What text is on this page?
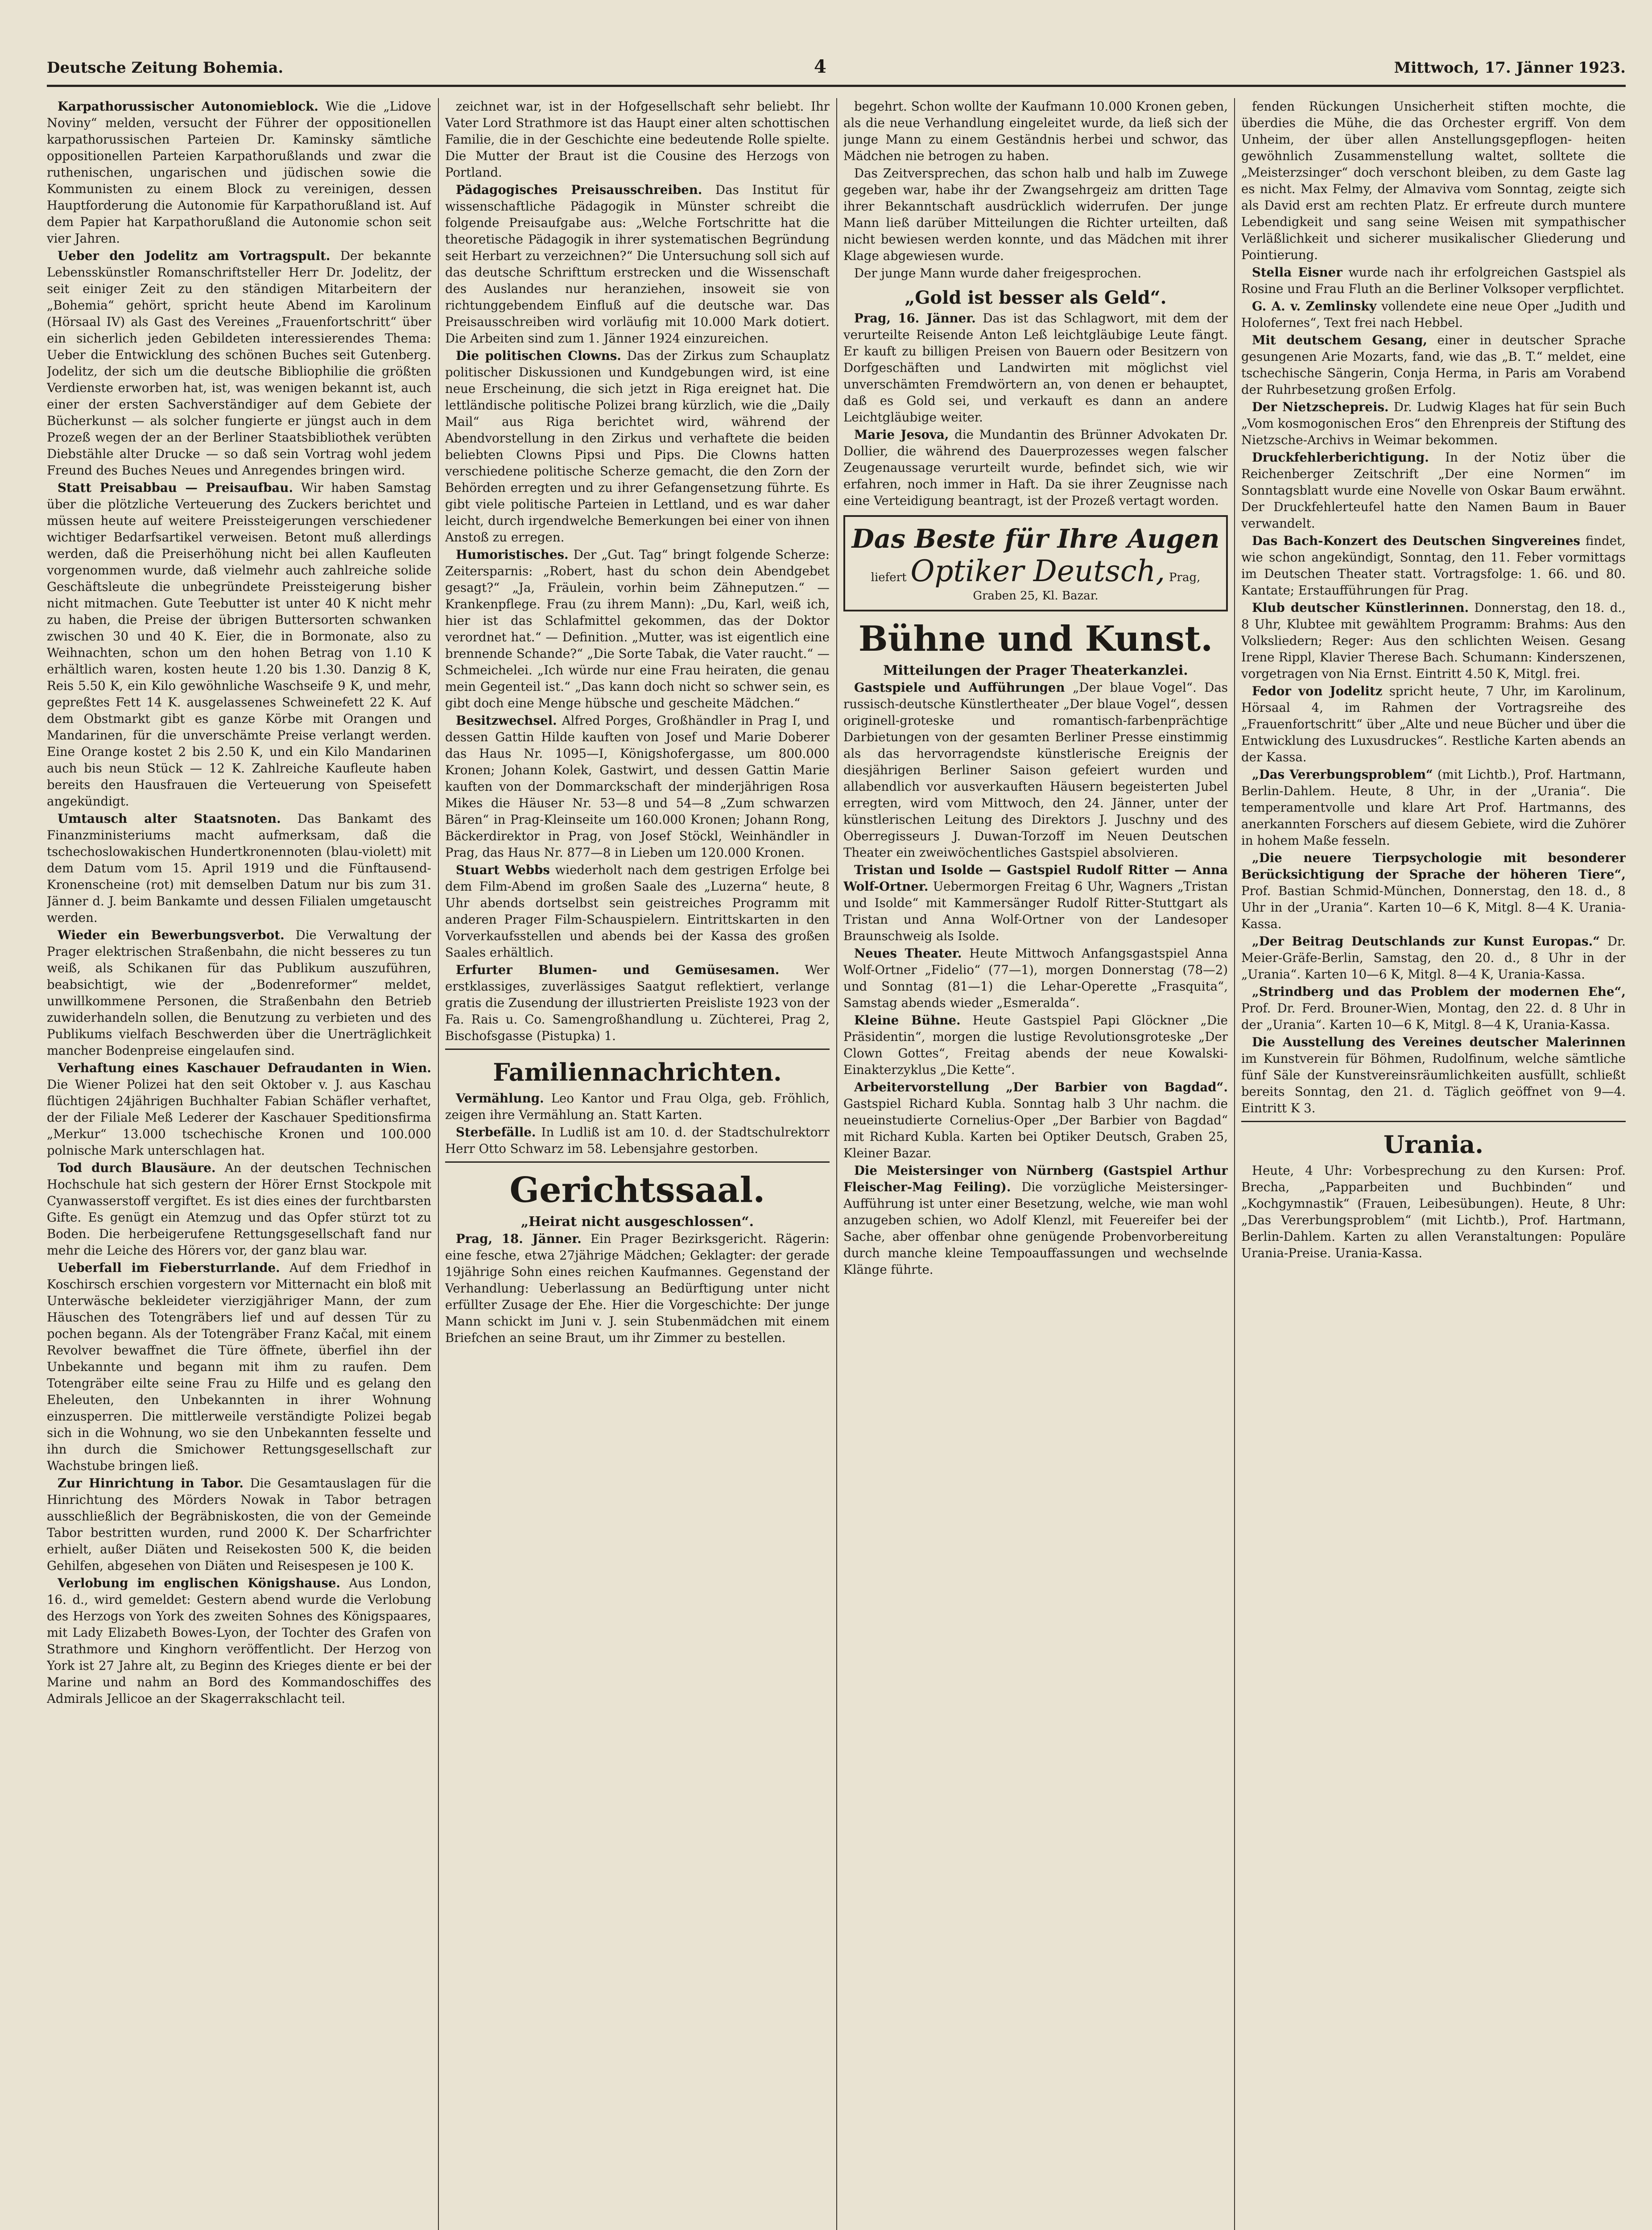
Deutsche Zeitung Bohemia.	4	Mittwoch, 17. Jänner 1923.

Karpathorussischer Autonomieblock. Wie die „Lidove Noviny“ melden, versucht der Führer der oppositionellen karpathorussischen Parteien Dr. Kaminsky sämtliche oppositionellen Parteien Karpathorußlands und zwar die ruthenischen, ungarischen und jüdischen sowie die Kommunisten zu einem Block zu vereinigen, dessen Hauptforderung die Autonomie für Karpathorußland ist. Auf dem Papier hat Karpathorußland die Autonomie schon seit vier Jahren.

Ueber den Jodelitz am Vortragspult. Der bekannte Lebensskünstler Romanschriftsteller Herr Dr. Jodelitz, der seit einiger Zeit zu den ständigen Mitarbeitern der „Bohemia“ gehört, spricht heute Abend im Karolinum (Hörsaal IV) als Gast des Vereines „Frauenfortschritt“ über ein sicherlich jeden Gebildeten interessierendes Thema: Ueber die Entwicklung des schönen Buches seit Gutenberg. Jodelitz, der sich um die deutsche Bibliophilie die größten Verdienste erworben hat, ist, was wenigen bekannt ist, auch einer der ersten Sachverständiger auf dem Gebiete der Bücherkunst — als solcher fungierte er jüngst auch in dem Prozeß wegen der an der Berliner Staatsbibliothek verübten Diebstähle alter Drucke — so daß sein Vortrag wohl jedem Freund des Buches Neues und Anregendes bringen wird.

Statt Preisabbau — Preisaufbau. Wir haben Samstag über die plötzliche Verteuerung des Zuckers berichtet und müssen heute auf weitere Preissteigerungen verschiedener wichtiger Bedarfsartikel verweisen. Betont muß allerdings werden, daß die Preiserhöhung nicht bei allen Kaufleuten vorgenommen wurde, daß vielmehr auch zahlreiche solide Geschäftsleute die unbegründete Preissteigerung bisher nicht mitmachen. Gute Teebutter ist unter 40 K nicht mehr zu haben, die Preise der übrigen Buttersorten schwanken zwischen 30 und 40 K. Eier, die in Bormonate, also zu Weihnachten, schon um den hohen Betrag von 1.10 K erhältlich waren, kosten heute 1.20 bis 1.30. Danzig 8 K, Reis 5.50 K, ein Kilo gewöhnliche Waschseife 9 K, und mehr, gepreßtes Fett 14 K. ausgelassenes Schweinefett 22 K. Auf dem Obstmarkt gibt es ganze Körbe mit Orangen und Mandarinen, für die unverschämte Preise verlangt werden. Eine Orange kostet 2 bis 2.50 K, und ein Kilo Mandarinen auch bis neun Stück — 12 K. Zahlreiche Kaufleute haben bereits den Hausfrauen die Verteuerung von Speisefett angekündigt.

Umtausch alter Staatsnoten. Das Bankamt des Finanzministeriums macht aufmerksam, daß die tschechoslowakischen Hundertkronennoten (blau-violett) mit dem Datum vom 15. April 1919 und die Fünftausend-Kronenscheine (rot) mit demselben Datum nur bis zum 31. Jänner d. J. beim Bankamte und dessen Filialen umgetauscht werden.

Wieder ein Bewerbungsverbot. Die Verwaltung der Prager elektrischen Straßenbahn, die nicht besseres zu tun weiß, als Schikanen für das Publikum auszuführen, beabsichtigt, wie der „Bodenreformer“ meldet, unwillkommene Personen, die Straßenbahn den Betrieb zuwiderhandeln sollen, die Benutzung zu verbieten und des Publikums vielfach Beschwerden über die Unerträglichkeit mancher Bodenpreise eingelaufen sind.

Verhaftung eines Kaschauer Defraudanten in Wien. Die Wiener Polizei hat den seit Oktober v. J. aus Kaschau flüchtigen 24jährigen Buchhalter Fabian Schäfler verhaftet, der der Filiale Meß Lederer der Kaschauer Speditionsfirma „Merkur“ 13.000 tschechische Kronen und 100.000 polnische Mark unterschlagen hat.

Tod durch Blausäure. An der deutschen Technischen Hochschule hat sich gestern der Hörer Ernst Stockpole mit Cyanwasserstoff vergiftet. Es ist dies eines der furchtbarsten Gifte. Es genügt ein Atemzug und das Opfer stürzt tot zu Boden. Die herbeigerufene Rettungsgesellschaft fand nur mehr die Leiche des Hörers vor, der ganz blau war.

Ueberfall im Fiebersturrlande. Auf dem Friedhof in Koschirsch erschien vorgestern vor Mitternacht ein bloß mit Unterwäsche bekleideter vierzigjähriger Mann, der zum Häuschen des Totengräbers lief und auf dessen Tür zu pochen begann. Als der Totengräber Franz Kačal, mit einem Revolver bewaffnet die Türe öffnete, überfiel ihn der Unbekannte und begann mit ihm zu raufen. Dem Totengräber eilte seine Frau zu Hilfe und es gelang den Eheleuten, den Unbekannten in ihrer Wohnung einzusperren. Die mittlerweile verständigte Polizei begab sich in die Wohnung, wo sie den Unbekannten fesselte und ihn durch die Smichower Rettungsgesellschaft zur Wachstube bringen ließ.

Zur Hinrichtung in Tabor. Die Gesamtauslagen für die Hinrichtung des Mörders Nowak in Tabor betragen ausschließlich der Begräbniskosten, die von der Gemeinde Tabor bestritten wurden, rund 2000 K. Der Scharfrichter erhielt, außer Diäten und Reisekosten 500 K, die beiden Gehilfen, abgesehen von Diäten und Reisespesen je 100 K.

Verlobung im englischen Königshause. Aus London, 16. d., wird gemeldet: Gestern abend wurde die Verlobung des Herzogs von York des zweiten Sohnes des Königspaares, mit Lady Elizabeth Bowes-Lyon, der Tochter des Grafen von Strathmore und Kinghorn veröffentlicht. Der Herzog von York ist 27 Jahre alt, zu Beginn des Krieges diente er bei der Marine und nahm an Bord des Kommandoschiffes des Admirals Jellicoe an der Skagerrakschlacht teil.

zeichnet war, ist in der Hofgesellschaft sehr beliebt. Ihr Vater Lord Strathmore ist das Haupt einer alten schottischen Familie, die in der Geschichte eine bedeutende Rolle spielte. Die Mutter der Braut ist die Cousine des Herzogs von Portland.

Pädagogisches Preisausschreiben. Das Institut für wissenschaftliche Pädagogik in Münster schreibt die folgende Preisaufgabe aus: „Welche Fortschritte hat die theoretische Pädagogik in ihrer systematischen Begründung seit Herbart zu verzeichnen?“ Die Untersuchung soll sich auf das deutsche Schrifttum erstrecken und die Wissenschaft des Auslandes nur heranziehen, insoweit sie von richtunggebendem Einfluß auf die deutsche war. Das Preisausschreiben wird vorläufig mit 10.000 Mark dotiert. Die Arbeiten sind zum 1. Jänner 1924 einzureichen.

Die politischen Clowns. Das der Zirkus zum Schauplatz politischer Diskussionen und Kundgebungen wird, ist eine neue Erscheinung, die sich jetzt in Riga ereignet hat. Die lettländische politische Polizei brang kürzlich, wie die „Daily Mail“ aus Riga berichtet wird, während der Abendvorstellung in den Zirkus und verhaftete die beiden beliebten Clowns Pipsi und Pips. Die Clowns hatten verschiedene politische Scherze gemacht, die den Zorn der Behörden erregten und zu ihrer Gefangensetzung führte. Es gibt viele politische Parteien in Lettland, und es war daher leicht, durch irgendwelche Bemerkungen bei einer von ihnen Anstoß zu erregen.

Humoristisches. Der „Gut. Tag“ bringt folgende Scherze: Zeitersparnis: „Robert, hast du schon dein Abendgebet gesagt?“ „Ja, Fräulein, vorhin beim Zähneputzen.“ — Krankenpflege. Frau (zu ihrem Mann): „Du, Karl, weiß ich, hier ist das Schlafmittel gekommen, das der Doktor verordnet hat.“ — Definition. „Mutter, was ist eigentlich eine brennende Schande?“ „Die Sorte Tabak, die Vater raucht.“ — Schmeichelei. „Ich würde nur eine Frau heiraten, die genau mein Gegenteil ist.“ „Das kann doch nicht so schwer sein, es gibt doch eine Menge hübsche und gescheite Mädchen.“

Besitzwechsel. Alfred Porges, Großhändler in Prag I, und dessen Gattin Hilde kauften von Josef und Marie Doberer das Haus Nr. 1095—I, Königshofergasse, um 800.000 Kronen; Johann Kolek, Gastwirt, und dessen Gattin Marie kauften von der Dommarckschaft der minderjährigen Rosa Mikes die Häuser Nr. 53—8 und 54—8 „Zum schwarzen Bären“ in Prag-Kleinseite um 160.000 Kronen; Johann Rong, Bäckerdirektor in Prag, von Josef Stöckl, Weinhändler in Prag, das Haus Nr. 877—8 in Lieben um 120.000 Kronen.

Stuart Webbs wiederholt nach dem gestrigen Erfolge bei dem Film-Abend im großen Saale des „Luzerna“ heute, 8 Uhr abends dortselbst sein geistreiches Programm mit anderen Prager Film-Schauspielern. Eintrittskarten in den Vorverkaufsstellen und abends bei der Kassa des großen Saales erhältlich.

Erfurter Blumen- und Gemüsesamen. Wer erstklassiges, zuverlässiges Saatgut reflektiert, verlange gratis die Zusendung der illustrierten Preisliste 1923 von der Fa. Rais u. Co. Samengroßhandlung u. Züchterei, Prag 2, Bischofsgasse (Pistupka) 1.

Familiennachrichten.

Vermählung. Leo Kantor und Frau Olga, geb. Fröhlich, zeigen ihre Vermählung an. Statt Karten.

Sterbefälle. In Ludliß ist am 10. d. der Stadtschulrektorr Herr Otto Schwarz im 58. Lebensjahre gestorben.

Gerichtssaal.
„Heirat nicht ausgeschlossen“.

Prag, 18. Jänner. Ein Prager Bezirksgericht. Rägerin: eine fesche, etwa 27jährige Mädchen; Geklagter: der gerade 19jährige Sohn eines reichen Kaufmannes. Gegenstand der Verhandlung: Ueberlassung an Bedürftigung unter nicht erfüllter Zusage der Ehe. Hier die Vorgeschichte: Der junge Mann schickt im Juni v. J. sein Stubenmädchen mit einem Briefchen an seine Braut, um ihr Zimmer zu bestellen.

begehrt. Schon wollte der Kaufmann 10.000 Kronen geben, als die neue Verhandlung eingeleitet wurde, da ließ sich der junge Mann zu einem Geständnis herbei und schwor, das Mädchen nie betrogen zu haben.

Das Zeitversprechen, das schon halb und halb im Zuwege gegeben war, habe ihr der Zwangsehrgeiz am dritten Tage ihrer Bekanntschaft ausdrücklich widerrufen. Der junge Mann ließ darüber Mitteilungen die Richter urteilten, daß nicht bewiesen werden konnte, und das Mädchen mit ihrer Klage abgewiesen wurde.

Der junge Mann wurde daher freigesprochen.

„Gold ist besser als Geld“.

Prag, 16. Jänner. Das ist das Schlagwort, mit dem der verurteilte Reisende Anton Leß leichtgläubige Leute fängt. Er kauft zu billigen Preisen von Bauern oder Besitzern von Dorfgeschäften und Landwirten mit möglichst viel unverschämten Fremdwörtern an, von denen er behauptet, daß es Gold sei, und verkauft es dann an andere Leichtgläubige weiter.

Marie Jesova, die Mundantin des Brünner Advokaten Dr. Dollier, die während des Dauerprozesses wegen falscher Zeugenaussage verurteilt wurde, befindet sich, wie wir erfahren, noch immer in Haft. Da sie ihrer Zeugnisse nach eine Verteidigung beantragt, ist der Prozeß vertagt worden.

Das Beste für Ihre Augen
liefert Optiker Deutsch, Prag,
Graben 25, Kl. Bazar.
Bühne und Kunst.
Mitteilungen der Prager Theaterkanzlei.

Gastspiele und Aufführungen „Der blaue Vogel“. Das russisch-deutsche Künstlertheater „Der blaue Vogel“, dessen originell-groteske und romantisch-farbenprächtige Darbietungen von der gesamten Berliner Presse einstimmig als das hervorragendste künstlerische Ereignis der diesjährigen Berliner Saison gefeiert wurden und allabendlich vor ausverkauften Häusern begeisterten Jubel erregten, wird vom Mittwoch, den 24. Jänner, unter der künstlerischen Leitung des Direktors J. Juschny und des Oberregisseurs J. Duwan-Torzoff im Neuen Deutschen Theater ein zweiwöchentliches Gastspiel absolvieren.

Tristan und Isolde — Gastspiel Rudolf Ritter — Anna Wolf-Ortner. Uebermorgen Freitag 6 Uhr, Wagners „Tristan und Isolde“ mit Kammersänger Rudolf Ritter-Stuttgart als Tristan und Anna Wolf-Ortner von der Landesoper Braunschweig als Isolde.

Neues Theater. Heute Mittwoch Anfangsgastspiel Anna Wolf-Ortner „Fidelio“ (77—1), morgen Donnerstag (78—2) und Sonntag (81—1) die Lehar-Operette „Frasquita“, Samstag abends wieder „Esmeralda“.

Kleine Bühne. Heute Gastspiel Papi Glöckner „Die Präsidentin“, morgen die lustige Revolutionsgroteske „Der Clown Gottes“, Freitag abends der neue Kowalski-Einakterzyklus „Die Kette“.

Arbeitervorstellung „Der Barbier von Bagdad“. Gastspiel Richard Kubla. Sonntag halb 3 Uhr nachm. die neueinstudierte Cornelius-Oper „Der Barbier von Bagdad“ mit Richard Kubla. Karten bei Optiker Deutsch, Graben 25, Kleiner Bazar.

Die Meistersinger von Nürnberg (Gastspiel Arthur Fleischer-Mag Feiling). Die vorzügliche Meistersinger-Aufführung ist unter einer Besetzung, welche, wie man wohl anzugeben schien, wo Adolf Klenzl, mit Feuereifer bei der Sache, aber offenbar ohne genügende Probenvorbereitung durch manche kleine Tempoauffassungen und wechselnde Klänge führte.

fenden Rückungen Unsicherheit stiften mochte, die überdies die Mühe, die das Orchester ergriff. Von dem Unheim, der über allen Anstellungsgepflogen- heiten gewöhnlich Zusammenstellung waltet, solltete die „Meisterzsinger“ doch verschont bleiben, zu dem Gaste lag es nicht. Max Felmy, der Almaviva vom Sonntag, zeigte sich als David erst am rechten Platz. Er erfreute durch muntere Lebendigkeit und sang seine Weisen mit sympathischer Verläßlichkeit und sicherer musikalischer Gliederung und Pointierung.

Stella Eisner wurde nach ihr erfolgreichen Gastspiel als Rosine und Frau Fluth an die Berliner Volksoper verpflichtet.

G. A. v. Zemlinsky vollendete eine neue Oper „Judith und Holofernes“, Text frei nach Hebbel.

Mit deutschem Gesang, einer in deutscher Sprache gesungenen Arie Mozarts, fand, wie das „B. T.“ meldet, eine tschechische Sängerin, Conja Herma, in Paris am Vorabend der Ruhrbesetzung großen Erfolg.

Der Nietzschepreis. Dr. Ludwig Klages hat für sein Buch „Vom kosmogonischen Eros“ den Ehrenpreis der Stiftung des Nietzsche-Archivs in Weimar bekommen.

Druckfehlerberichtigung. In der Notiz über die Reichenberger Zeitschrift „Der eine Normen“ im Sonntagsblatt wurde eine Novelle von Oskar Baum erwähnt. Der Druckfehlerteufel hatte den Namen Baum in Bauer verwandelt.

Das Bach-Konzert des Deutschen Singvereines findet, wie schon angekündigt, Sonntag, den 11. Feber vormittags im Deutschen Theater statt. Vortragsfolge: 1. 66. und 80. Kantate; Erstaufführungen für Prag.

Klub deutscher Künstlerinnen. Donnerstag, den 18. d., 8 Uhr, Klubtee mit gewähltem Programm: Brahms: Aus den Volksliedern; Reger: Aus den schlichten Weisen. Gesang Irene Rippl, Klavier Therese Bach. Schumann: Kinderszenen, vorgetragen von Nia Ernst. Eintritt 4.50 K, Mitgl. frei.

Fedor von Jodelitz spricht heute, 7 Uhr, im Karolinum, Hörsaal 4, im Rahmen der Vortragsreihe des „Frauenfortschritt“ über „Alte und neue Bücher und über die Entwicklung des Luxusdruckes“. Restliche Karten abends an der Kassa.

„Das Vererbungsproblem“ (mit Lichtb.), Prof. Hartmann, Berlin-Dahlem. Heute, 8 Uhr, in der „Urania“. Die temperamentvolle und klare Art Prof. Hartmanns, des anerkannten Forschers auf diesem Gebiete, wird die Zuhörer in hohem Maße fesseln.

„Die neuere Tierpsychologie mit besonderer Berücksichtigung der Sprache der höheren Tiere“, Prof. Bastian Schmid-München, Donnerstag, den 18. d., 8 Uhr in der „Urania“. Karten 10—6 K, Mitgl. 8—4 K. Urania-Kassa.

„Der Beitrag Deutschlands zur Kunst Europas.“ Dr. Meier-Gräfe-Berlin, Samstag, den 20. d., 8 Uhr in der „Urania“. Karten 10—6 K, Mitgl. 8—4 K, Urania-Kassa.

„Strindberg und das Problem der modernen Ehe“, Prof. Dr. Ferd. Brouner-Wien, Montag, den 22. d. 8 Uhr in der „Urania“. Karten 10—6 K, Mitgl. 8—4 K, Urania-Kassa.

Die Ausstellung des Vereines deutscher Malerinnen im Kunstverein für Böhmen, Rudolfinum, welche sämtliche fünf Säle der Kunstvereinsräumlichkeiten ausfüllt, schließt bereits Sonntag, den 21. d. Täglich geöffnet von 9—4. Eintritt K 3.

Urania.

Heute, 4 Uhr: Vorbesprechung zu den Kursen: Prof. Brecha, „Papparbeiten und Buchbinden“ und „Kochgymnastik“ (Frauen, Leibesübungen). Heute, 8 Uhr: „Das Vererbungsproblem“ (mit Lichtb.), Prof. Hartmann, Berlin-Dahlem. Karten zu allen Veranstaltungen: Populäre Urania-Preise. Urania-Kassa.
